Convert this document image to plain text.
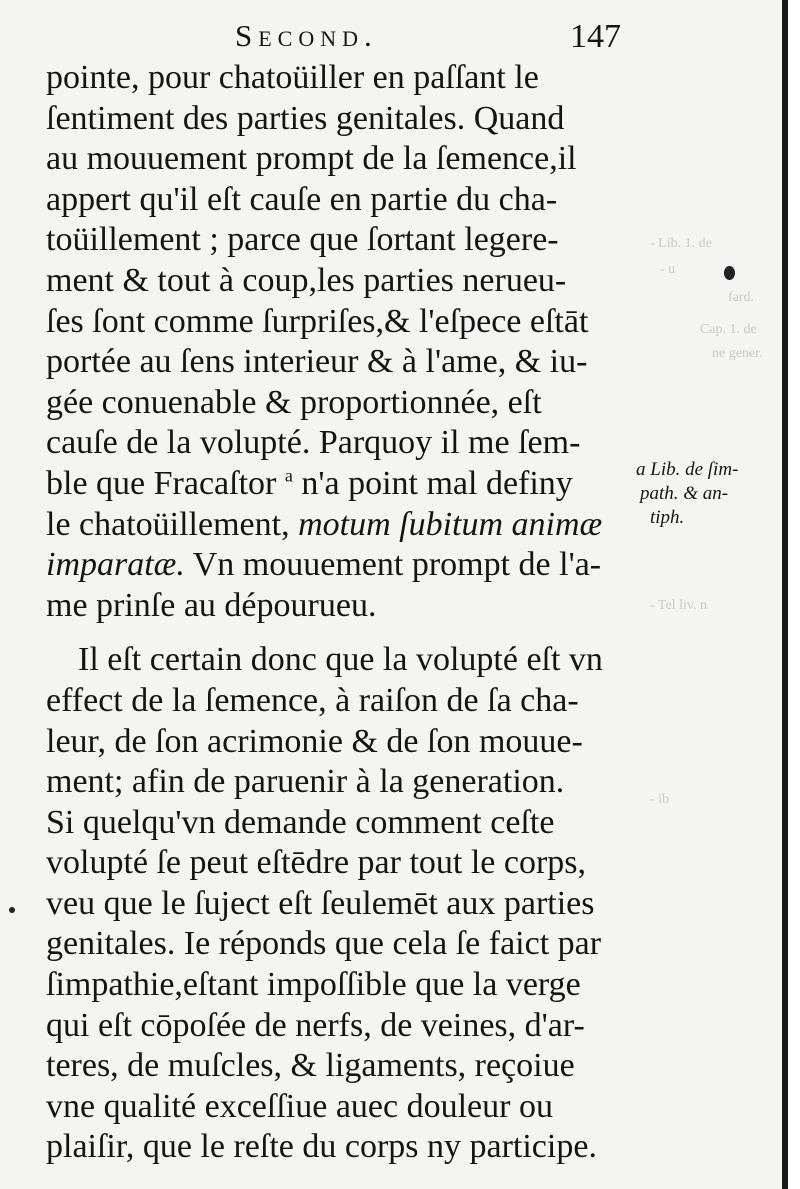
Second.	147
- Lib. 1. de
- u
fard.
Cap. 1. de
ne gener.
- Tel liv. n
- ib
pointe, pour chatoüiller en paſſant le
ſentiment des parties genitales. Quand
au mouuement prompt de la ſemence,il
appert qu'il eſt cauſe en partie du cha-
toüillement ; parce que ſortant legere-
ment & tout à coup,les parties nerueu-
ſes ſont comme ſurpriſes,& l'eſpece eſtāt
portée au ſens interieur & à l'ame, & iu-
gée conuenable & proportionnée, eſt
cauſe de la volupté. Parquoy il me ſem-
ble que Fracaſtor $^a$ n'a point mal definy
le chatoüillement, motum ſubitum animæ
imparatæ. Vn mouuement prompt de l'a-
me prinſe au dépourueu.
Il eſt certain donc que la volupté eſt vn
effect de la ſemence, à raiſon de ſa cha-
leur, de ſon acrimonie & de ſon mouue-
ment; afin de paruenir à la generation.
Si quelqu'vn demande comment ceſte
volupté ſe peut eſtēdre par tout le corps,
veu que le ſuject eſt ſeulemēt aux parties
genitales. Ie réponds que cela ſe faict par
ſimpathie,eſtant impoſſible que la verge
qui eſt cōpoſée de nerfs, de veines, d'ar-
teres, de muſcles, & ligaments, reçoiue
vne qualité exceſſiue auec douleur ou
plaiſir, que le reſte du corps ny participe.
a Lib. de ſim-
path. & an-
tiph.
